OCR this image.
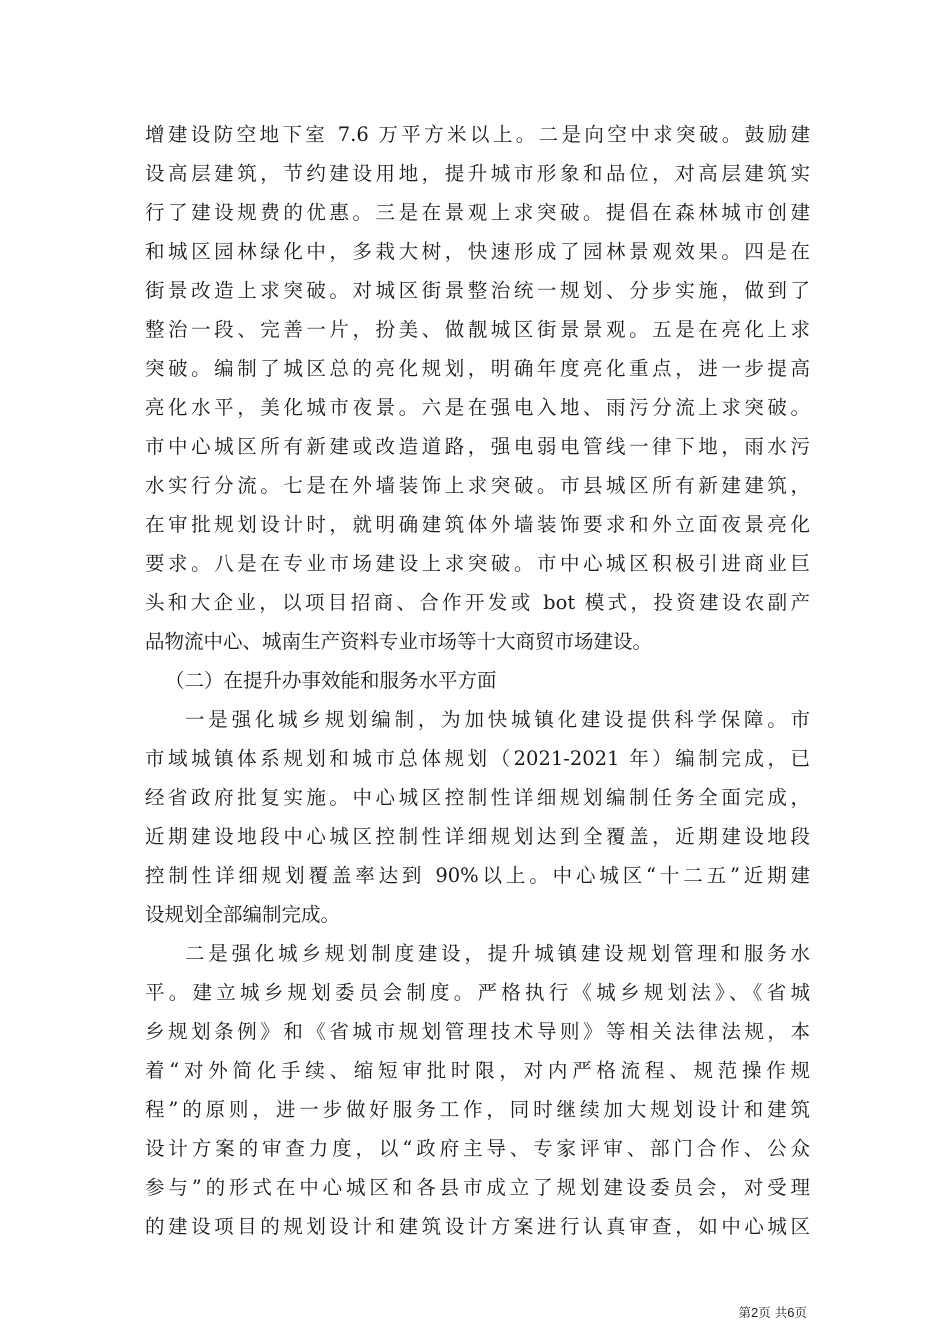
增建设防空地下室 7.6 万平方米以上。二是向空中求突破。鼓励建
设高层建筑，节约建设用地，提升城市形象和品位，对高层建筑实
行了建设规费的优惠。三是在景观上求突破。提倡在森林城市创建
和城区园林绿化中，多栽大树，快速形成了园林景观效果。四是在
街景改造上求突破。对城区街景整治统一规划、分步实施，做到了
整治一段、完善一片，扮美、做靓城区街景景观。五是在亮化上求
突破。编制了城区总的亮化规划，明确年度亮化重点，进一步提高
亮化水平，美化城市夜景。六是在强电入地、雨污分流上求突破。
市中心城区所有新建或改造道路，强电弱电管线一律下地，雨水污
水实行分流。七是在外墙装饰上求突破。市县城区所有新建建筑，
在审批规划设计时，就明确建筑体外墙装饰要求和外立面夜景亮化
要求。八是在专业市场建设上求突破。市中心城区积极引进商业巨
头和大企业，以项目招商、合作开发或 bot 模式，投资建设农副产
品物流中心、城南生产资料专业市场等十大商贸市场建设。
（二）在提升办事效能和服务水平方面
一是强化城乡规划编制，为加快城镇化建设提供科学保障。市
市域城镇体系规划和城市总体规划（2021-2021 年）编制完成，已
经省政府批复实施。中心城区控制性详细规划编制任务全面完成，
近期建设地段中心城区控制性详细规划达到全覆盖，近期建设地段
控制性详细规划覆盖率达到 90%以上。中心城区“十二五”近期建
设规划全部编制完成。
二是强化城乡规划制度建设，提升城镇建设规划管理和服务水
平。建立城乡规划委员会制度。严格执行《城乡规划法》、《省城
乡规划条例》和《省城市规划管理技术导则》等相关法律法规，本
着“对外简化手续、缩短审批时限，对内严格流程、规范操作规
程”的原则，进一步做好服务工作，同时继续加大规划设计和建筑
设计方案的审查力度，以“政府主导、专家评审、部门合作、公众
参与”的形式在中心城区和各县市成立了规划建设委员会，对受理
的建设项目的规划设计和建筑设计方案进行认真审查，如中心城区
第2页 共6页
